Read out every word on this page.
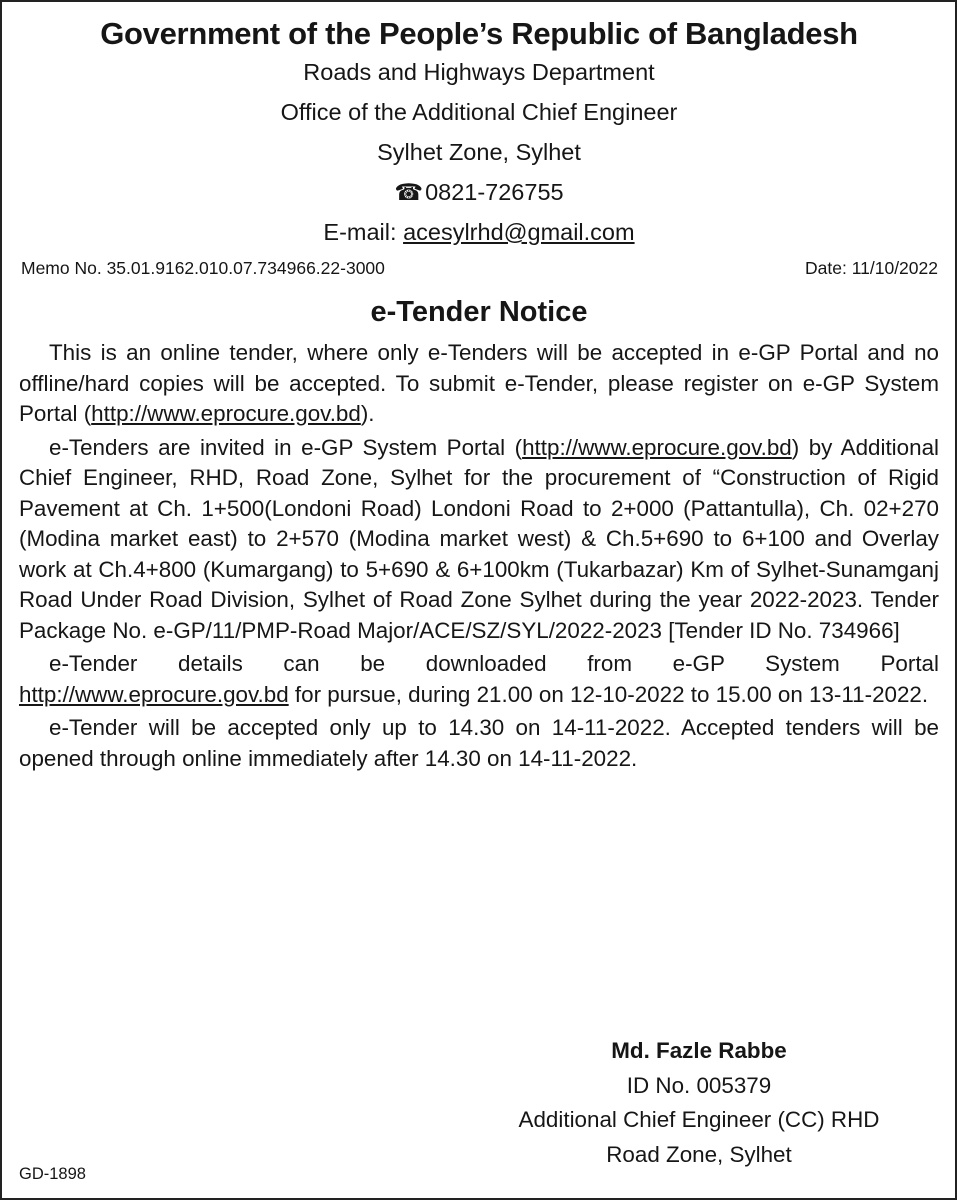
Government of the People’s Republic of Bangladesh
Roads and Highways Department
Office of the Additional Chief Engineer
Sylhet Zone, Sylhet
☎0821-726755
E-mail: acesylrhd@gmail.com
Memo No. 35.01.9162.010.07.734966.22-3000	Date: 11/10/2022
e-Tender Notice

This is an online tender, where only e-Tenders will be accepted in e-GP Portal and no offline/hard copies will be accepted. To submit e-Tender, please register on e-GP System Portal (http://www.eprocure.gov.bd).

e-Tenders are invited in e-GP System Portal (http://www.eprocure.gov.bd) by Additional Chief Engineer, RHD, Road Zone, Sylhet for the procurement of “Construction of Rigid Pavement at Ch. 1+500(Londoni Road) Londoni Road to 2+000 (Pattantulla), Ch. 02+270 (Modina market east) to 2+570 (Modina market west) & Ch.5+690 to 6+100 and Overlay work at Ch.4+800 (Kumargang) to 5+690 & 6+100km (Tukarbazar) Km of Sylhet-Sunamganj Road Under Road Division, Sylhet of Road Zone Sylhet during the year 2022-2023. Tender Package No. e-GP/11/PMP-Road Major/ACE/SZ/SYL/2022-2023 [Tender ID No. 734966]

e-Tender details can be downloaded from e-GP System Portal http://www.eprocure.gov.bd for pursue, during 21.00 on 12-10-2022 to 15.00 on 13-11-2022.

e-Tender will be accepted only up to 14.30 on 14-11-2022. Accepted tenders will be opened through online immediately after 14.30 on 14-11-2022.

Md. Fazle Rabbe
ID No. 005379
Additional Chief Engineer (CC) RHD
Road Zone, Sylhet
GD-1898
